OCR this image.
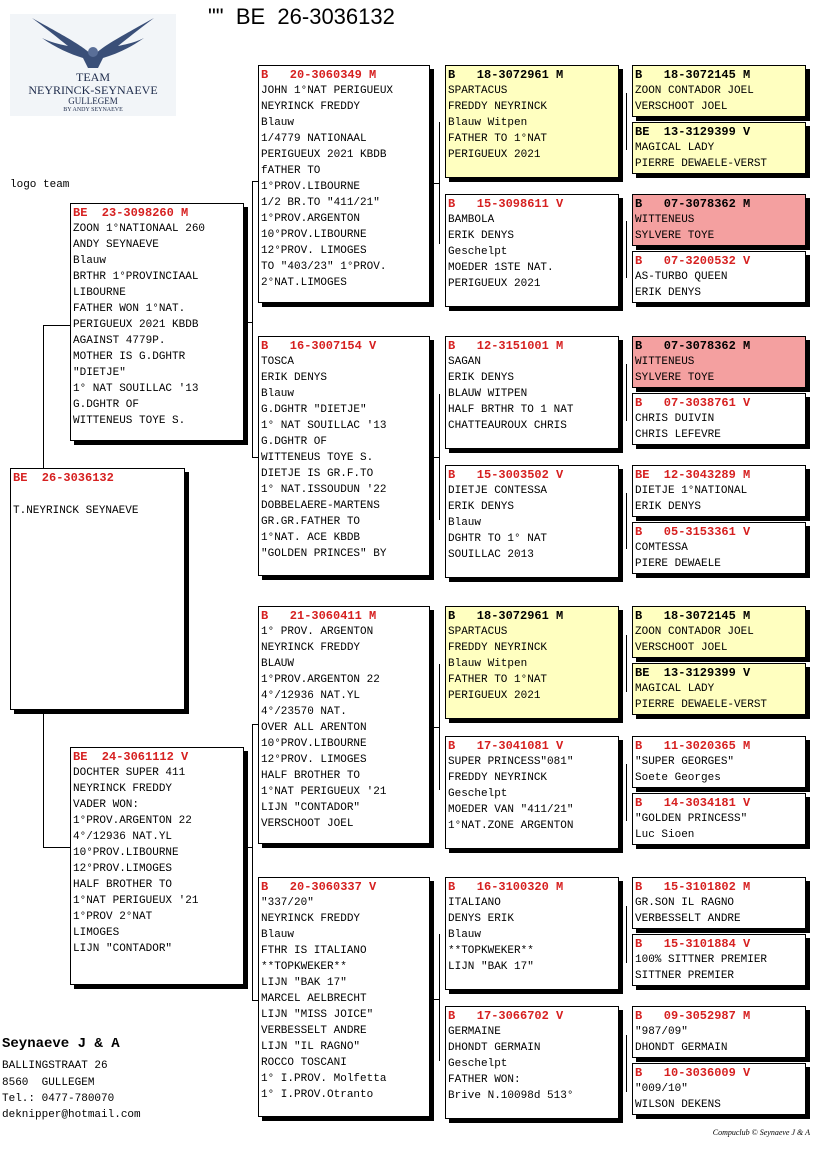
""  BE  26-3036132
TEAM
NEYRINCK-SEYNAEVE
GULLEGEM
BY ANDY SEYNAEVE
logo team
BE  26-3036132
T.NEYRINCK SEYNAEVE
BE  23-3098260 M
ZOON 1°NATIONAAL 260
ANDY SEYNAEVE
Blauw
BRTHR 1°PROVINCIAAL
LIBOURNE
FATHER WON 1°NAT.
PERIGUEUX 2021 KBDB
AGAINST 4779P.
MOTHER IS G.DGHTR
"DIETJE"
1° NAT SOUILLAC '13
G.DGHTR OF
WITTENEUS TOYE S.
BE  24-3061112 V
DOCHTER SUPER 411
NEYRINCK FREDDY
VADER WON:
1°PROV.ARGENTON 22
4°/12936 NAT.YL
10°PROV.LIBOURNE
12°PROV.LIMOGES
HALF BROTHER TO
1°NAT PERIGUEUX '21
1°PROV 2°NAT
LIMOGES
LIJN "CONTADOR"
B   20-3060349 M
JOHN 1°NAT PERIGUEUX
NEYRINCK FREDDY
Blauw
1/4779 NATIONAAL
PERIGUEUX 2021 KBDB
fATHER TO
1°PROV.LIBOURNE
1/2 BR.TO "411/21"
1°PROV.ARGENTON
10°PROV.LIBOURNE
12°PROV. LIMOGES
TO "403/23" 1°PROV.
2°NAT.LIMOGES
B   16-3007154 V
TOSCA
ERIK DENYS
Blauw
G.DGHTR "DIETJE"
1° NAT SOUILLAC '13
G.DGHTR OF
WITTENEUS TOYE S.
DIETJE IS GR.F.TO
1° NAT.ISSOUDUN '22
DOBBELAERE-MARTENS
GR.GR.FATHER TO
1°NAT. ACE KBDB
"GOLDEN PRINCES" BY
B   21-3060411 M
1° PROV. ARGENTON
NEYRINCK FREDDY
BLAUW
1°PROV.ARGENTON 22
4°/12936 NAT.YL
4°/23570 NAT.
OVER ALL ARENTON
10°PROV.LIBOURNE
12°PROV. LIMOGES
HALF BROTHER TO
1°NAT PERIGUEUX '21
LIJN "CONTADOR"
VERSCHOOT JOEL
B   20-3060337 V
"337/20"
NEYRINCK FREDDY
Blauw
FTHR IS ITALIANO
**TOPKWEKER**
LIJN "BAK 17"
MARCEL AELBRECHT
LIJN "MISS JOICE"
VERBESSELT ANDRE
LIJN "IL RAGNO"
ROCCO TOSCANI
1° I.PROV. Molfetta
1° I.PROV.Otranto
B   18-3072961 M
SPARTACUS
FREDDY NEYRINCK
Blauw Witpen
FATHER TO 1°NAT
PERIGUEUX 2021
B   15-3098611 V
BAMBOLA
ERIK DENYS
Geschelpt
MOEDER 1STE NAT.
PERIGUEUX 2021
B   12-3151001 M
SAGAN
ERIK DENYS
BLAUW WITPEN
HALF BRTHR TO 1 NAT
CHATTEAUROUX CHRIS
B   15-3003502 V
DIETJE CONTESSA
ERIK DENYS
Blauw
DGHTR TO 1° NAT
SOUILLAC 2013
B   18-3072961 M
SPARTACUS
FREDDY NEYRINCK
Blauw Witpen
FATHER TO 1°NAT
PERIGUEUX 2021
B   17-3041081 V
SUPER PRINCESS"081"
FREDDY NEYRINCK
Geschelpt
MOEDER VAN "411/21"
1°NAT.ZONE ARGENTON
B   16-3100320 M
ITALIANO
DENYS ERIK
Blauw
**TOPKWEKER**
LIJN "BAK 17"
B   17-3066702 V
GERMAINE
DHONDT GERMAIN
Geschelpt
FATHER WON:
Brive N.10098d 513°
B   18-3072145 M
ZOON CONTADOR JOEL
VERSCHOOT JOEL
BE  13-3129399 V
MAGICAL LADY
PIERRE DEWAELE-VERST
B   07-3078362 M
WITTENEUS
SYLVERE TOYE
B   07-3200532 V
AS-TURBO QUEEN
ERIK DENYS
B   07-3078362 M
WITTENEUS
SYLVERE TOYE
B   07-3038761 V
CHRIS DUIVIN
CHRIS LEFEVRE
BE  12-3043289 M
DIETJE 1°NATIONAL
ERIK DENYS
B   05-3153361 V
COMTESSA
PIERE DEWAELE
B   18-3072145 M
ZOON CONTADOR JOEL
VERSCHOOT JOEL
BE  13-3129399 V
MAGICAL LADY
PIERRE DEWAELE-VERST
B   11-3020365 M
"SUPER GEORGES"
Soete Georges
B   14-3034181 V
"GOLDEN PRINCESS"
Luc Sioen
B   15-3101802 M
GR.SON IL RAGNO
VERBESSELT ANDRE
B   15-3101884 V
100% SITTNER PREMIER
SITTNER PREMIER
B   09-3052987 M
"987/09"
DHONDT GERMAIN
B   10-3036009 V
"009/10"
WILSON DEKENS
Seynaeve J & A
BALLINGSTRAAT 26
8560  GULLEGEM
Tel.: 0477-780070
deknipper@hotmail.com
Compuclub © Seynaeve J & A
